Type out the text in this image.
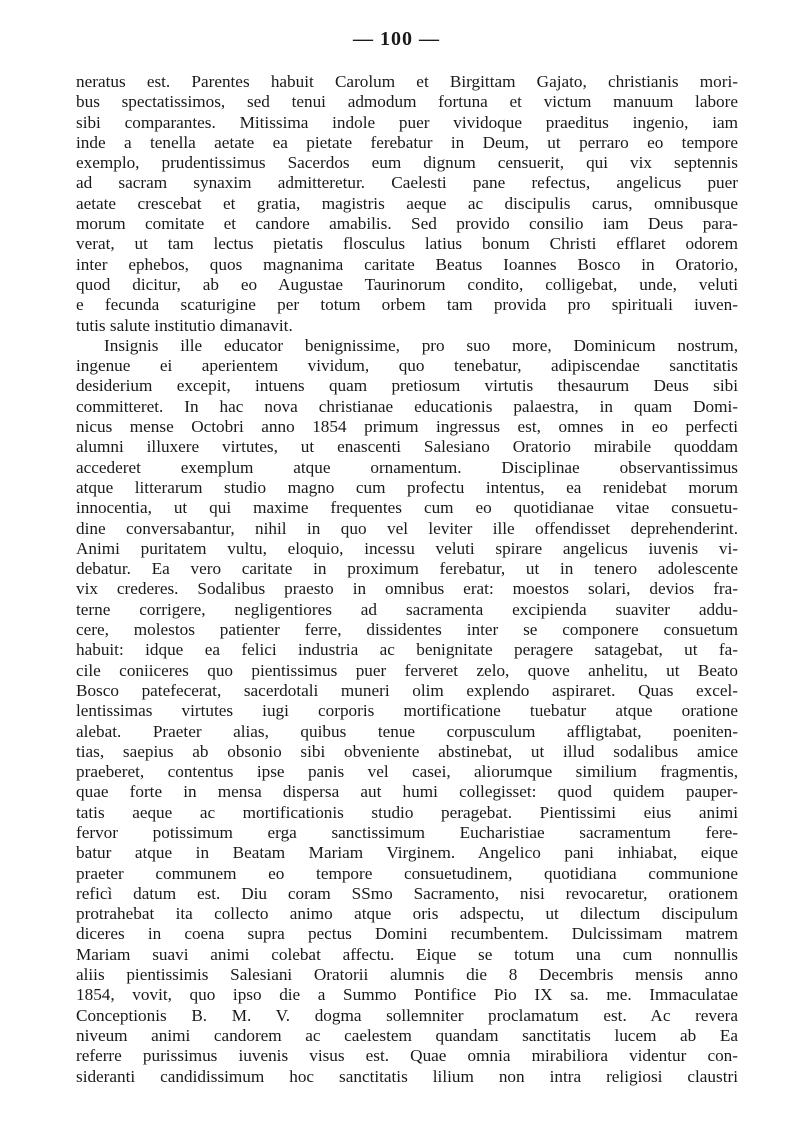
— 100 —
neratus est. Parentes habuit Carolum et Birgittam Gajato, christianis mori-
bus spectatissimos, sed tenui admodum fortuna et victum manuum labore
sibi comparantes. Mitissima indole puer vividoque praeditus ingenio, iam
inde a tenella aetate ea pietate ferebatur in Deum, ut perraro eo tempore
exemplo, prudentissimus Sacerdos eum dignum censuerit, qui vix septennis
ad sacram synaxim admitteretur. Caelesti pane refectus, angelicus puer
aetate crescebat et gratia, magistris aeque ac discipulis carus, omnibusque
morum comitate et candore amabilis. Sed provido consilio iam Deus para-
verat, ut tam lectus pietatis flosculus latius bonum Christi efflaret odorem
inter ephebos, quos magnanima caritate Beatus Ioannes Bosco in Oratorio,
quod dicitur, ab eo Augustae Taurinorum condito, colligebat, unde, veluti
e fecunda scaturigine per totum orbem tam provida pro spirituali iuven-
tutis salute institutio dimanavit.
Insignis ille educator benignissime, pro suo more, Dominicum nostrum,
ingenue ei aperientem vividum, quo tenebatur, adipiscendae sanctitatis
desiderium excepit, intuens quam pretiosum virtutis thesaurum Deus sibi
committeret. In hac nova christianae educationis palaestra, in quam Domi-
nicus mense Octobri anno 1854 primum ingressus est, omnes in eo perfecti
alumni illuxere virtutes, ut enascenti Salesiano Oratorio mirabile quoddam
accederet exemplum atque ornamentum. Disciplinae observantissimus
atque litterarum studio magno cum profectu intentus, ea renidebat morum
innocentia, ut qui maxime frequentes cum eo quotidianae vitae consuetu-
dine conversabantur, nihil in quo vel leviter ille offendisset deprehenderint.
Animi puritatem vultu, eloquio, incessu veluti spirare angelicus iuvenis vi-
debatur. Ea vero caritate in proximum ferebatur, ut in tenero adolescente
vix crederes. Sodalibus praesto in omnibus erat: moestos solari, devios fra-
terne corrigere, negligentiores ad sacramenta excipienda suaviter addu-
cere, molestos patienter ferre, dissidentes inter se componere consuetum
habuit: idque ea felici industria ac benignitate peragere satagebat, ut fa-
cile coniiceres quo pientissimus puer ferveret zelo, quove anhelitu, ut Beato
Bosco patefecerat, sacerdotali muneri olim explendo aspiraret. Quas excel-
lentissimas virtutes iugi corporis mortificatione tuebatur atque oratione
alebat. Praeter alias, quibus tenue corpusculum affligtabat, poeniten-
tias, saepius ab obsonio sibi obveniente abstinebat, ut illud sodalibus amice
praeberet, contentus ipse panis vel casei, aliorumque similium fragmentis,
quae forte in mensa dispersa aut humi collegisset: quod quidem pauper-
tatis aeque ac mortificationis studio peragebat. Pientissimi eius animi
fervor potissimum erga sanctissimum Eucharistiae sacramentum fere-
batur atque in Beatam Mariam Virginem. Angelico pani inhiabat, eique
praeter communem eo tempore consuetudinem, quotidiana communione
reficì datum est. Diu coram SSmo Sacramento, nisi revocaretur, orationem
protrahebat ita collecto animo atque oris adspectu, ut dilectum discipulum
diceres in coena supra pectus Domini recumbentem. Dulcissimam matrem
Mariam suavi animi colebat affectu. Eique se totum una cum nonnullis
aliis pientissimis Salesiani Oratorii alumnis die 8 Decembris mensis anno
1854, vovit, quo ipso die a Summo Pontifice Pio IX sa. me. Immaculatae
Conceptionis B. M. V. dogma sollemniter proclamatum est. Ac revera
niveum animi candorem ac caelestem quandam sanctitatis lucem ab Ea
referre purissimus iuvenis visus est. Quae omnia mirabiliora videntur con-
sideranti candidissimum hoc sanctitatis lilium non intra religiosi claustri
